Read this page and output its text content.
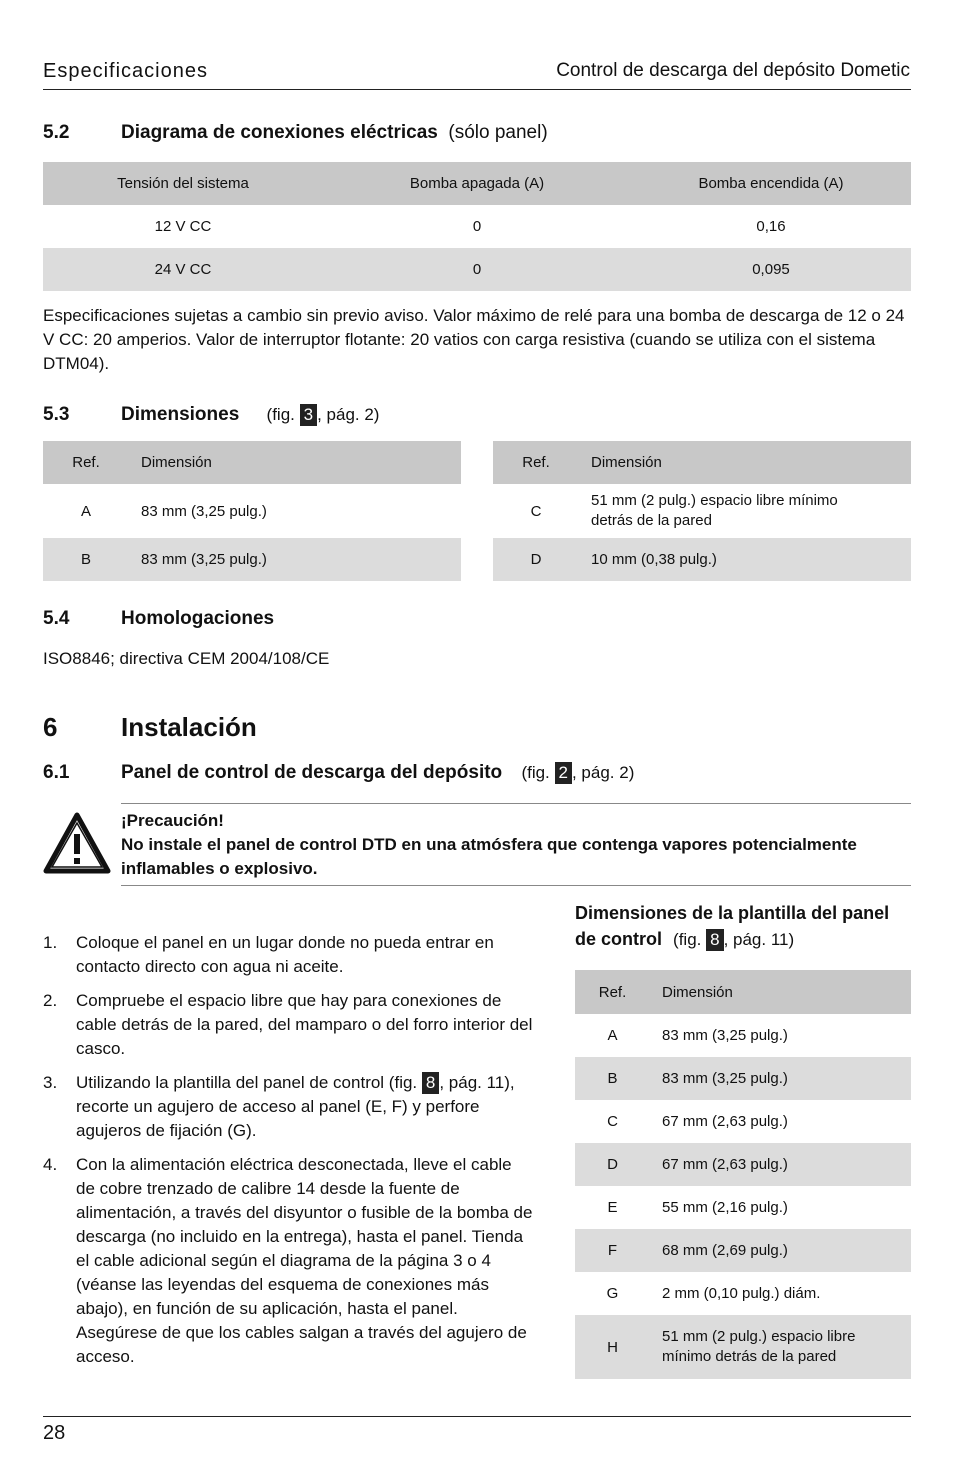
Especificaciones	Control de descarga del depósito Dometic
5.2	Diagrama de conexiones eléctricas (sólo panel)
Tensión del sistema	Bomba apagada (A)	Bomba encendida (A)
12 V CC	0	0,16
24 V CC	0	0,095
Especificaciones sujetas a cambio sin previo aviso. Valor máximo de relé para una bomba de descarga de 12 o 24 V CC: 20 amperios. Valor de interruptor flotante: 20 vatios con carga resistiva (cuando se utiliza con el sistema DTM04).
5.3	Dimensiones (fig. 3 , pág. 2)
Ref.	Dimensión
A	83 mm (3,25 pulg.)
B	83 mm (3,25 pulg.)
Ref.	Dimensión
C	51 mm (2 pulg.) espacio libre mínimo detrás de la pared
D	10 mm (0,38 pulg.)
5.4	Homologaciones
ISO8846; directiva CEM 2004/108/CE
6 Instalación
6.1	Panel de control de descarga del depósito (fig. 2 , pág. 2)
¡Precaución!
No instale el panel de control DTD en una atmósfera que contenga vapores potencialmente inflamables o explosivo.
1. Coloque el panel en un lugar donde no pueda entrar en contacto directo con agua ni aceite.
2. Compruebe el espacio libre que hay para conexiones de cable detrás de la pared, del mamparo o del forro interior del casco.
3. Utilizando la plantilla del panel de control (fig. 8 , pág. 11), recorte un agujero de acceso al panel (E, F) y perfore agujeros de fijación (G).
4. Con la alimentación eléctrica desconectada, lleve el cable de cobre trenzado de calibre 14 desde la fuente de alimentación, a través del disyuntor o fusible de la bomba de descarga (no incluido en la entrega), hasta el panel. Tienda el cable adicional según el diagrama de la página 3 o 4 (véanse las leyendas del esquema de conexiones más abajo), en función de su aplicación, hasta el panel. Asegúrese de que los cables salgan a través del agujero de acceso.
Dimensiones de la plantilla del panel de control (fig. 8 , pág. 11)
Ref.	Dimensión
A	83 mm (3,25 pulg.)
B	83 mm (3,25 pulg.)
C	67 mm (2,63 pulg.)
D	67 mm (2,63 pulg.)
E	55 mm (2,16 pulg.)
F	68 mm (2,69 pulg.)
G	2 mm (0,10 pulg.) diám.
H	51 mm (2 pulg.) espacio libre mínimo detrás de la pared
28
